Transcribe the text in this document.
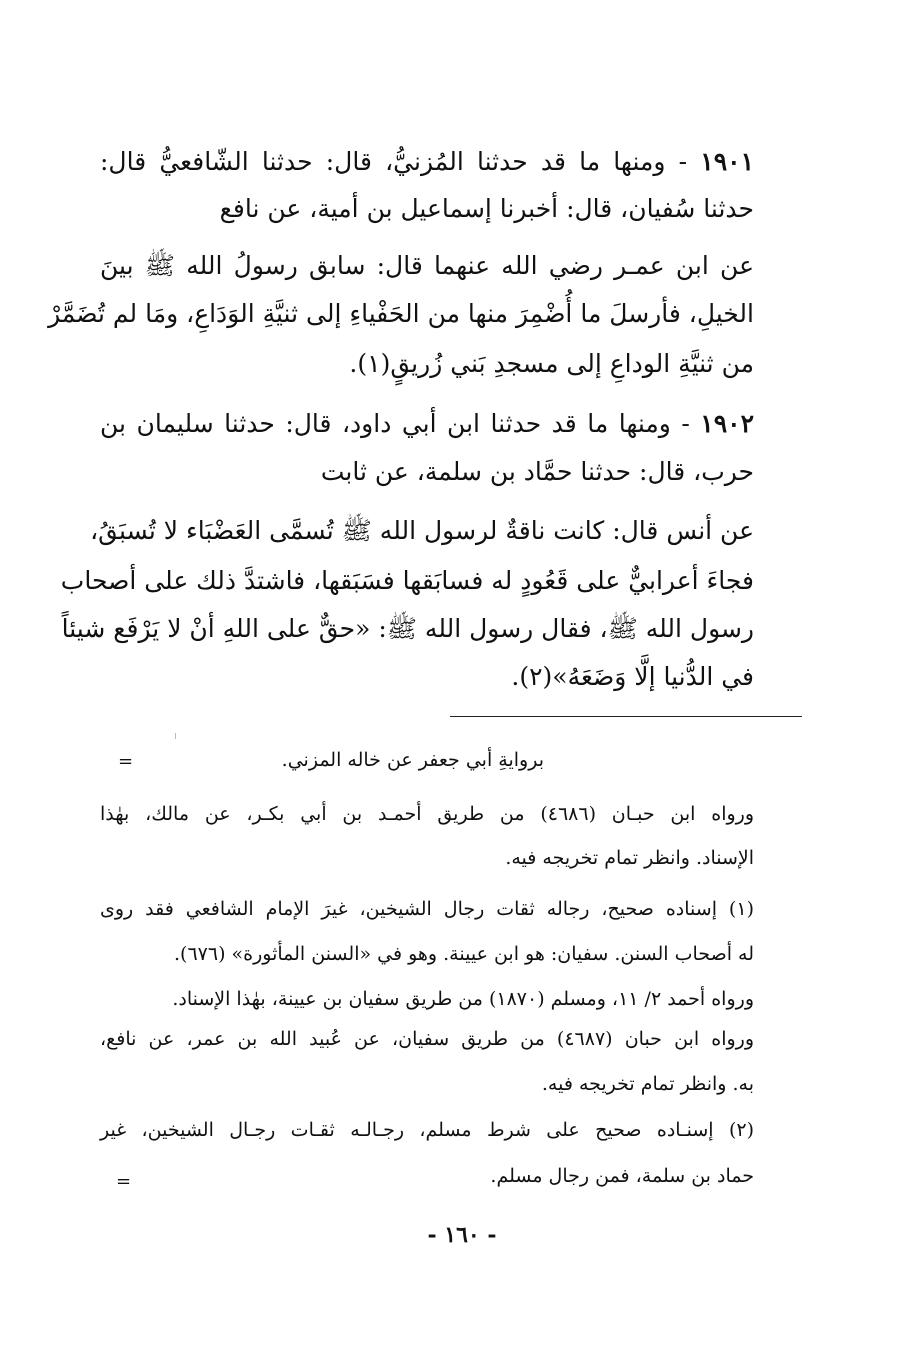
١٩٠١ - ومنها ما قد حدثنا المُزنيُّ، قال: حدثنا الشّافعيُّ قال:
حدثنا سُفيان، قال: أخبرنا إسماعيل بن أمية، عن نافع
عن ابن عمـر رضي الله عنهما قال: سابق رسولُ الله ﷺ بينَ
الخيلِ، فأرسلَ ما أُضْمِرَ منها من الحَفْياءِ إلى ثنيَّةِ الوَدَاعِ، ومَا لم تُضَمَّرْ
من ثنيَّةِ الوداعِ إلى مسجدِ بَني زُريقٍ(١).
١٩٠٢ - ومنها ما قد حدثنا ابن أبي داود، قال: حدثنا سليمان بن
حرب، قال: حدثنا حمَّاد بن سلمة، عن ثابت
عن أنس قال: كانت ناقةٌ لرسول الله ﷺ تُسمَّى العَضْبَاء لا تُسبَقُ،
فجاءَ أعرابيٌّ على قَعُودٍ له فسابَقها فسَبَقها، فاشتدَّ ذلك على أصحاب
رسول الله ﷺ، فقال رسول الله ﷺ: «حقٌّ على اللهِ أنْ لا يَرْفَع شيئاً
في الدُّنيا إلَّا وَضَعَهُ»(٢).
=	بروايةِ أبي جعفر عن خاله المزني.
ورواه ابن حبـان (٤٦٨٦) من طريق أحمـد بن أبي بكـر، عن مالك، بهٰذا
الإسناد. وانظر تمام تخريجه فيه.
(١) إسناده صحيح، رجاله ثقات رجال الشيخين، غيرَ الإمام الشافعي فقد روى
له أصحاب السنن. سفيان: هو ابن عيينة. وهو في «السنن المأثورة» (٦٧٦).
ورواه أحمد ٢/ ١١، ومسلم (١٨٧٠) من طريق سفيان بن عيينة، بهٰذا الإسناد.
ورواه ابن حبان (٤٦٨٧) من طريق سفيان، عن عُبيد الله بن عمر، عن نافع،
به. وانظر تمام تخريجه فيه.
(٢) إسنـاده صحيح على شرط مسلم، رجـالـه ثقـات رجـال الشيخين، غير
حماد بن سلمة، فمن رجال مسلم.
=
- ١٦٠ -
